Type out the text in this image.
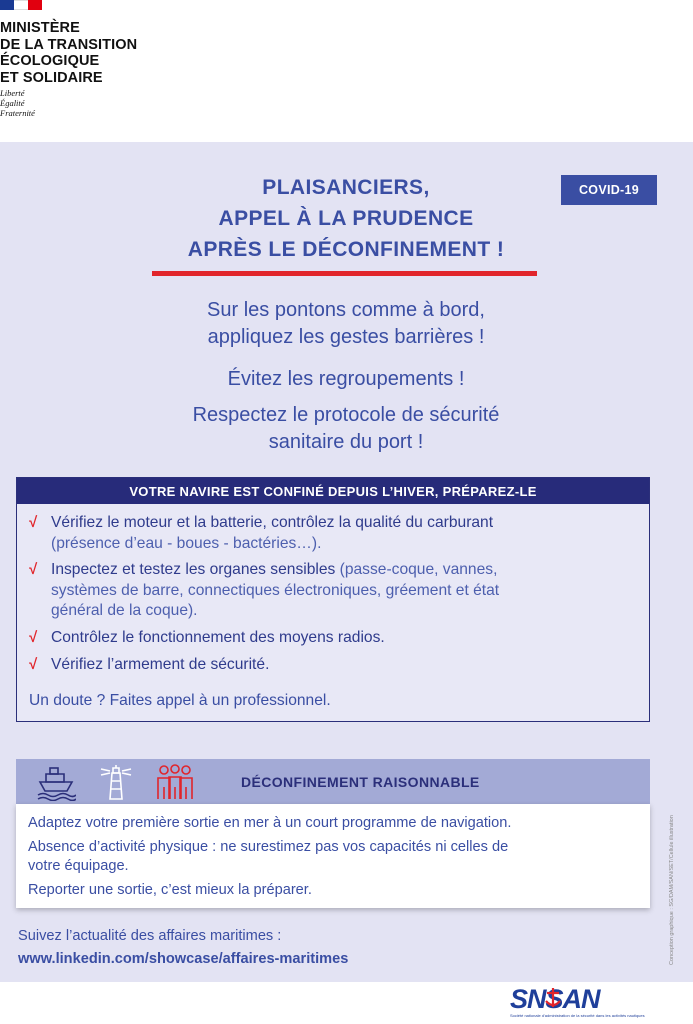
MINISTÈRE
DE LA TRANSITION
ÉCOLOGIQUE
ET SOLIDAIRE
Liberté
Égalité
Fraternité
COVID-19
PLAISANCIERS,
APPEL À LA PRUDENCE
APRÈS LE DÉCONFINEMENT !
Sur les pontons comme à bord,
appliquez les gestes barrières !
Évitez les regroupements !
Respectez le protocole de sécurité
sanitaire du port !
VOTRE NAVIRE EST CONFINÉ DEPUIS L’HIVER, PRÉPAREZ-LE
√ Vérifiez le moteur et la batterie, contrôlez la qualité du carburant
(présence d’eau - boues - bactéries…).
√ Inspectez et testez les organes sensibles (passe-coque, vannes,
systèmes de barre, connectiques électroniques, gréement et état
général de la coque).
√ Contrôlez le fonctionnement des moyens radios.
√ Vérifiez l’armement de sécurité.
Un doute ? Faites appel à un professionnel.
DÉCONFINEMENT RAISONNABLE
Adaptez votre première sortie en mer à un court programme de navigation.
Absence d’activité physique : ne surestimez pas vos capacités ni celles de
votre équipage.
Reporter une sortie, c’est mieux la préparer.
Suivez l’actualité des affaires maritimes :
www.linkedin.com/showcase/affaires-maritimes	Conception graphique : SG/DAM/SAN/SET/Cellule illustration
SNSAN
Société nationale d'administration de la sécurité dans les activités nautiques
